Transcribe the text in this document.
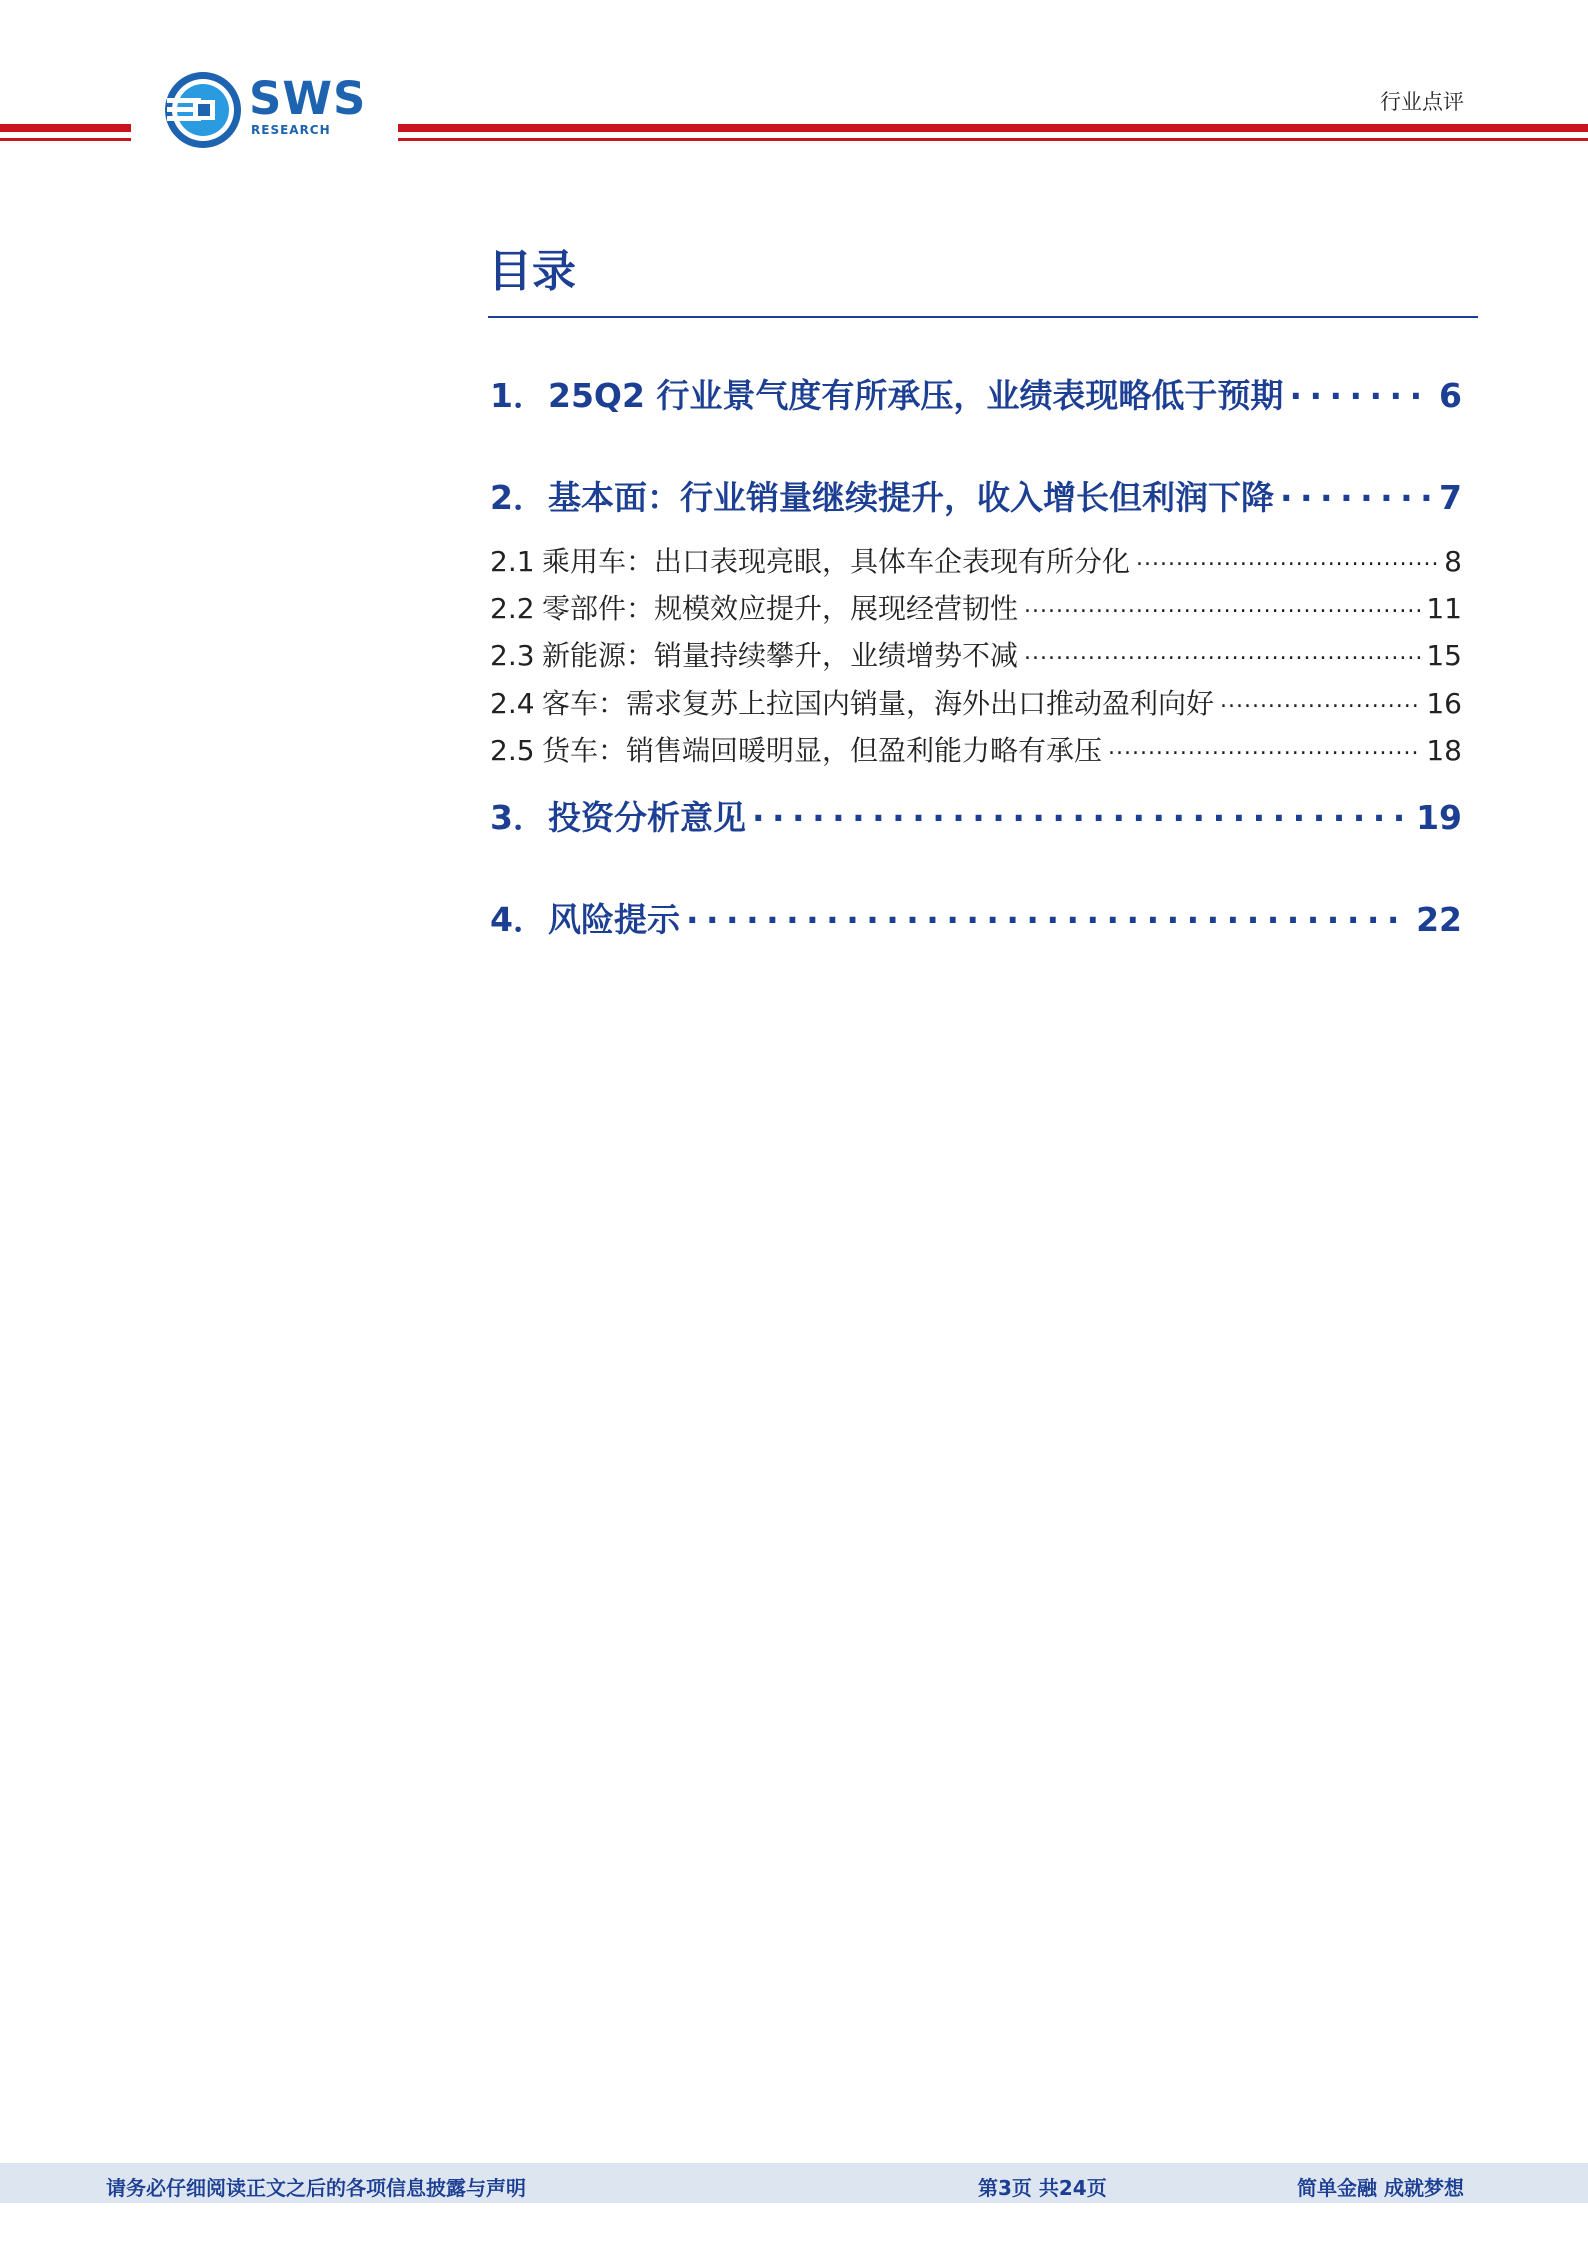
SWS
RESEARCH
行业点评
目录
1． 25Q2 行业景气度有所承压，业绩表现略低于预期 . . .	6
2． 基本面：行业销量继续提升，收入增长但利润下降 . . .	7
2.1 乘用车：出口表现亮眼，具体车企表现有所分化 . . .	8
2.2 零部件：规模效应提升，展现经营韧性 . . .	11
2.3 新能源：销量持续攀升，业绩增势不减 . . .	15
2.4 客车：需求复苏上拉国内销量，海外出口推动盈利向好 . . .	16
2.5 货车：销售端回暖明显，但盈利能力略有承压 . . .	18
3． 投资分析意见 . . .	19
4． 风险提示 . . .	22
请务必仔细阅读正文之后的各项信息披露与声明	第3页 共24页	简单金融 成就梦想
